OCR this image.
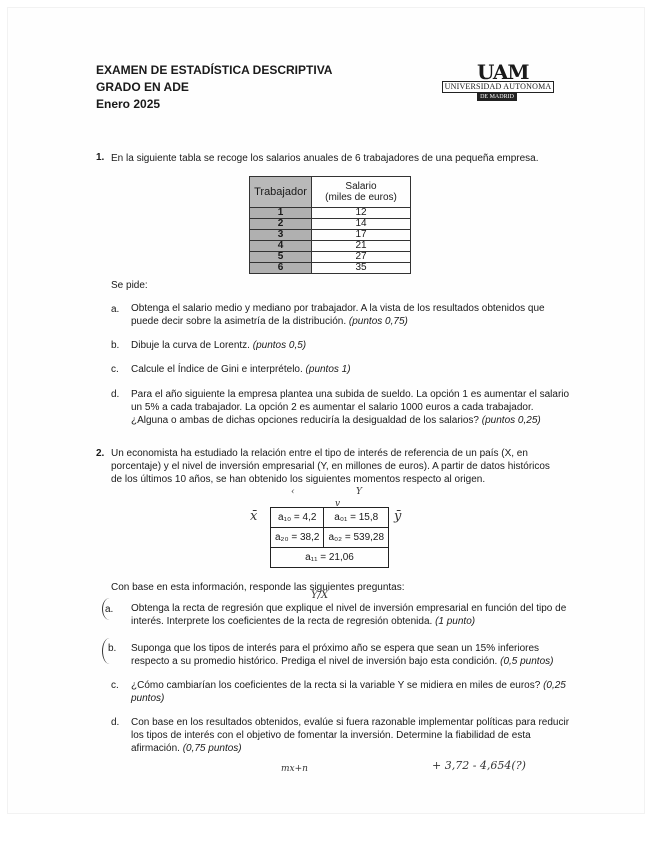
EXAMEN DE ESTADÍSTICA DESCRIPTIVA
GRADO EN ADE
Enero 2025
UAM
UNIVERSIDAD AUTONOMA
DE MADRID
1. En la siguiente tabla se recoge los salarios anuales de 6 trabajadores de una pequeña empresa.
Trabajador	Salario
(miles de euros)

1	12
2	14
3	17
4	21
5	27
6	35
Se pide:
a. Obtenga el salario medio y mediano por trabajador. A la vista de los resultados obtenidos que
puede decir sobre la asimetría de la distribución. (puntos 0,75)
b. Dibuje la curva de Lorentz. (puntos 0,5)
c. Calcule el Índice de Gini e interprételo. (puntos 1)
d. Para el año siguiente la empresa plantea una subida de sueldo. La opción 1 es aumentar el salario
un 5% a cada trabajador. La opción 2 es aumentar el salario 1000 euros a cada trabajador.
¿Alguna o ambas de dichas opciones reduciría la desigualdad de los salarios? (puntos 0,25)
2. Un economista ha estudiado la relación entre el tipo de interés de referencia de un país (X, en
porcentaje) y el nivel de inversión empresarial (Y, en millones de euros). A partir de datos históricos
de los últimos 10 años, se han obtenido los siguientes momentos respecto al origen.
‹
v
Y
a₁₀ = 4,2	a₀₁ = 15,8
a₂₀ = 38,2	a₀₂ = 539,28
a₁₁ = 21,06	
x̄	ȳ
Con base en esta información, responde las siguientes preguntas:
Y/X
a. Obtenga la recta de regresión que explique el nivel de inversión empresarial en función del tipo de
interés. Interprete los coeficientes de la recta de regresión obtenida. (1 punto)
b. Suponga que los tipos de interés para el próximo año se espera que sean un 15% inferiores
respecto a su promedio histórico. Prediga el nivel de inversión bajo esta condición. (0,5 puntos)
c. ¿Cómo cambiarían los coeficientes de la recta si la variable Y se midiera en miles de euros? (0,25
puntos)
d. Con base en los resultados obtenidos, evalúe si fuera razonable implementar políticas para reducir
los tipos de interés con el objetivo de fomentar la inversión. Determine la fiabilidad de esta
afirmación. (0,75 puntos)
mx+n	+ 3,72 - 4,654(?)
